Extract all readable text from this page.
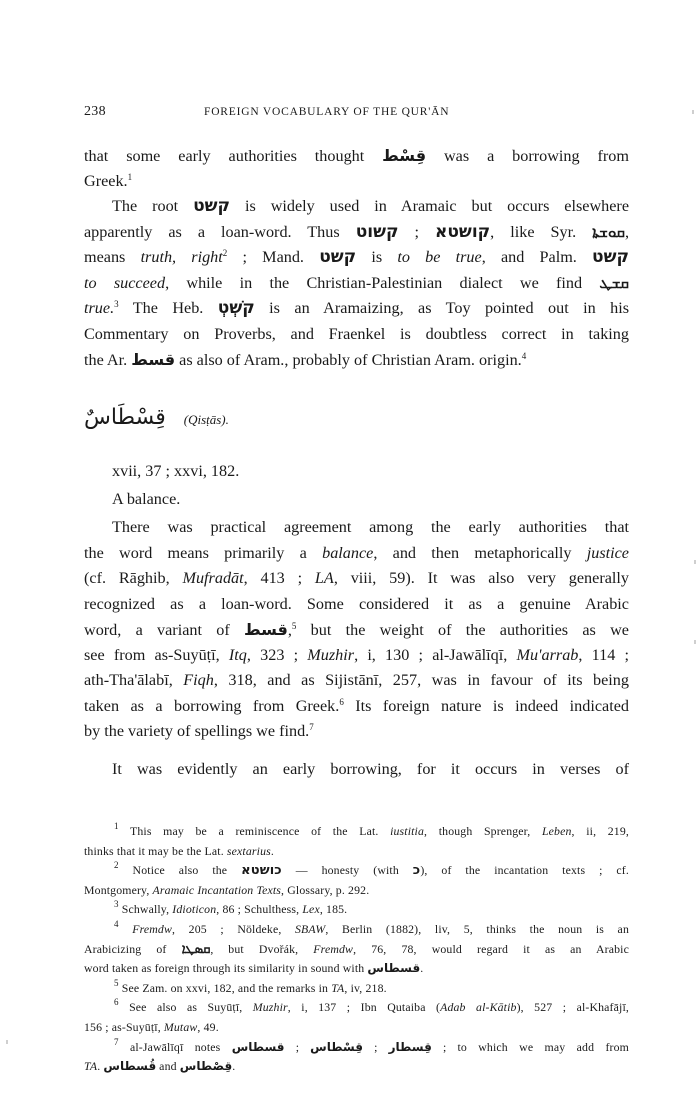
238	FOREIGN VOCABULARY OF THE QUR'ĀN
that some early authorities thought قِسْط was a borrowing from
Greek.$^1$
The root קשט is widely used in Aramaic but occurs elsewhere
apparently as a loan-word. Thus קשוט ; קושטא, like Syr. ܩܘܫܬܐ,
means truth, right$^2$ ; Mand. קשט is to be true, and Palm. קשט
to succeed, while in the Christian-Palestinian dialect we find ܩܫܛ
true.$^3$ The Heb. קֹשְׁטְ is an Aramaizing, as Toy pointed out in his
Commentary on Proverbs, and Fraenkel is doubtless correct in taking
the Ar. قسط as also of Aram., probably of Christian Aram. origin.$^4$
قِسْطَاسٌ (Qisṭās).
xvii, 37 ; xxvi, 182.
A balance.
There was practical agreement among the early authorities that
the word means primarily a balance, and then metaphorically justice
(cf. Rāghib, Mufradāt, 413 ; LA, viii, 59). It was also very generally
recognized as a loan-word. Some considered it as a genuine Arabic
word, a variant of قسط,$^5$ but the weight of the authorities as we
see from as-Suyūṭī, Itq, 323 ; Muzhir, i, 130 ; al-Jawālīqī, Mu'arrab, 114 ;
ath-Tha'ālabī, Fiqh, 318, and as Sijistānī, 257, was in favour of its being
taken as a borrowing from Greek.$^6$ Its foreign nature is indeed indicated
by the variety of spellings we find.$^7$
It was evidently an early borrowing, for it occurs in verses of
$^1$ This may be a reminiscence of the Lat. iustitia, though Sprenger, Leben, ii, 219,
thinks that it may be the Lat. sextarius.
$^2$ Notice also the כושטא — honesty (with כ), of the incantation texts ; cf.
Montgomery, Aramaic Incantation Texts, Glossary, p. 292.
$^3$ Schwally, Idioticon, 86 ; Schulthess, Lex, 185.
$^4$ Fremdw, 205 ; Nöldeke, SBAW, Berlin (1882), liv, 5, thinks the noun is an
Arabicizing of ܩܣܛܐ, but Dvořák, Fremdw, 76, 78, would regard it as an Arabic
word taken as foreign through its similarity in sound with قسطاس.
$^5$ See Zam. on xxvi, 182, and the remarks in TA, iv, 218.
$^6$ See also as Suyūṭī, Muzhir, i, 137 ; Ibn Qutaiba (Adab al-Kātib), 527 ; al-Khafājī,
156 ; as-Suyūṭī, Mutaw, 49.
$^7$ al-Jawālīqī notes قسطاس ; قِسْطاس ; قِسطار ; to which we may add from
TA. قُسطاس and قِصْطاس.
